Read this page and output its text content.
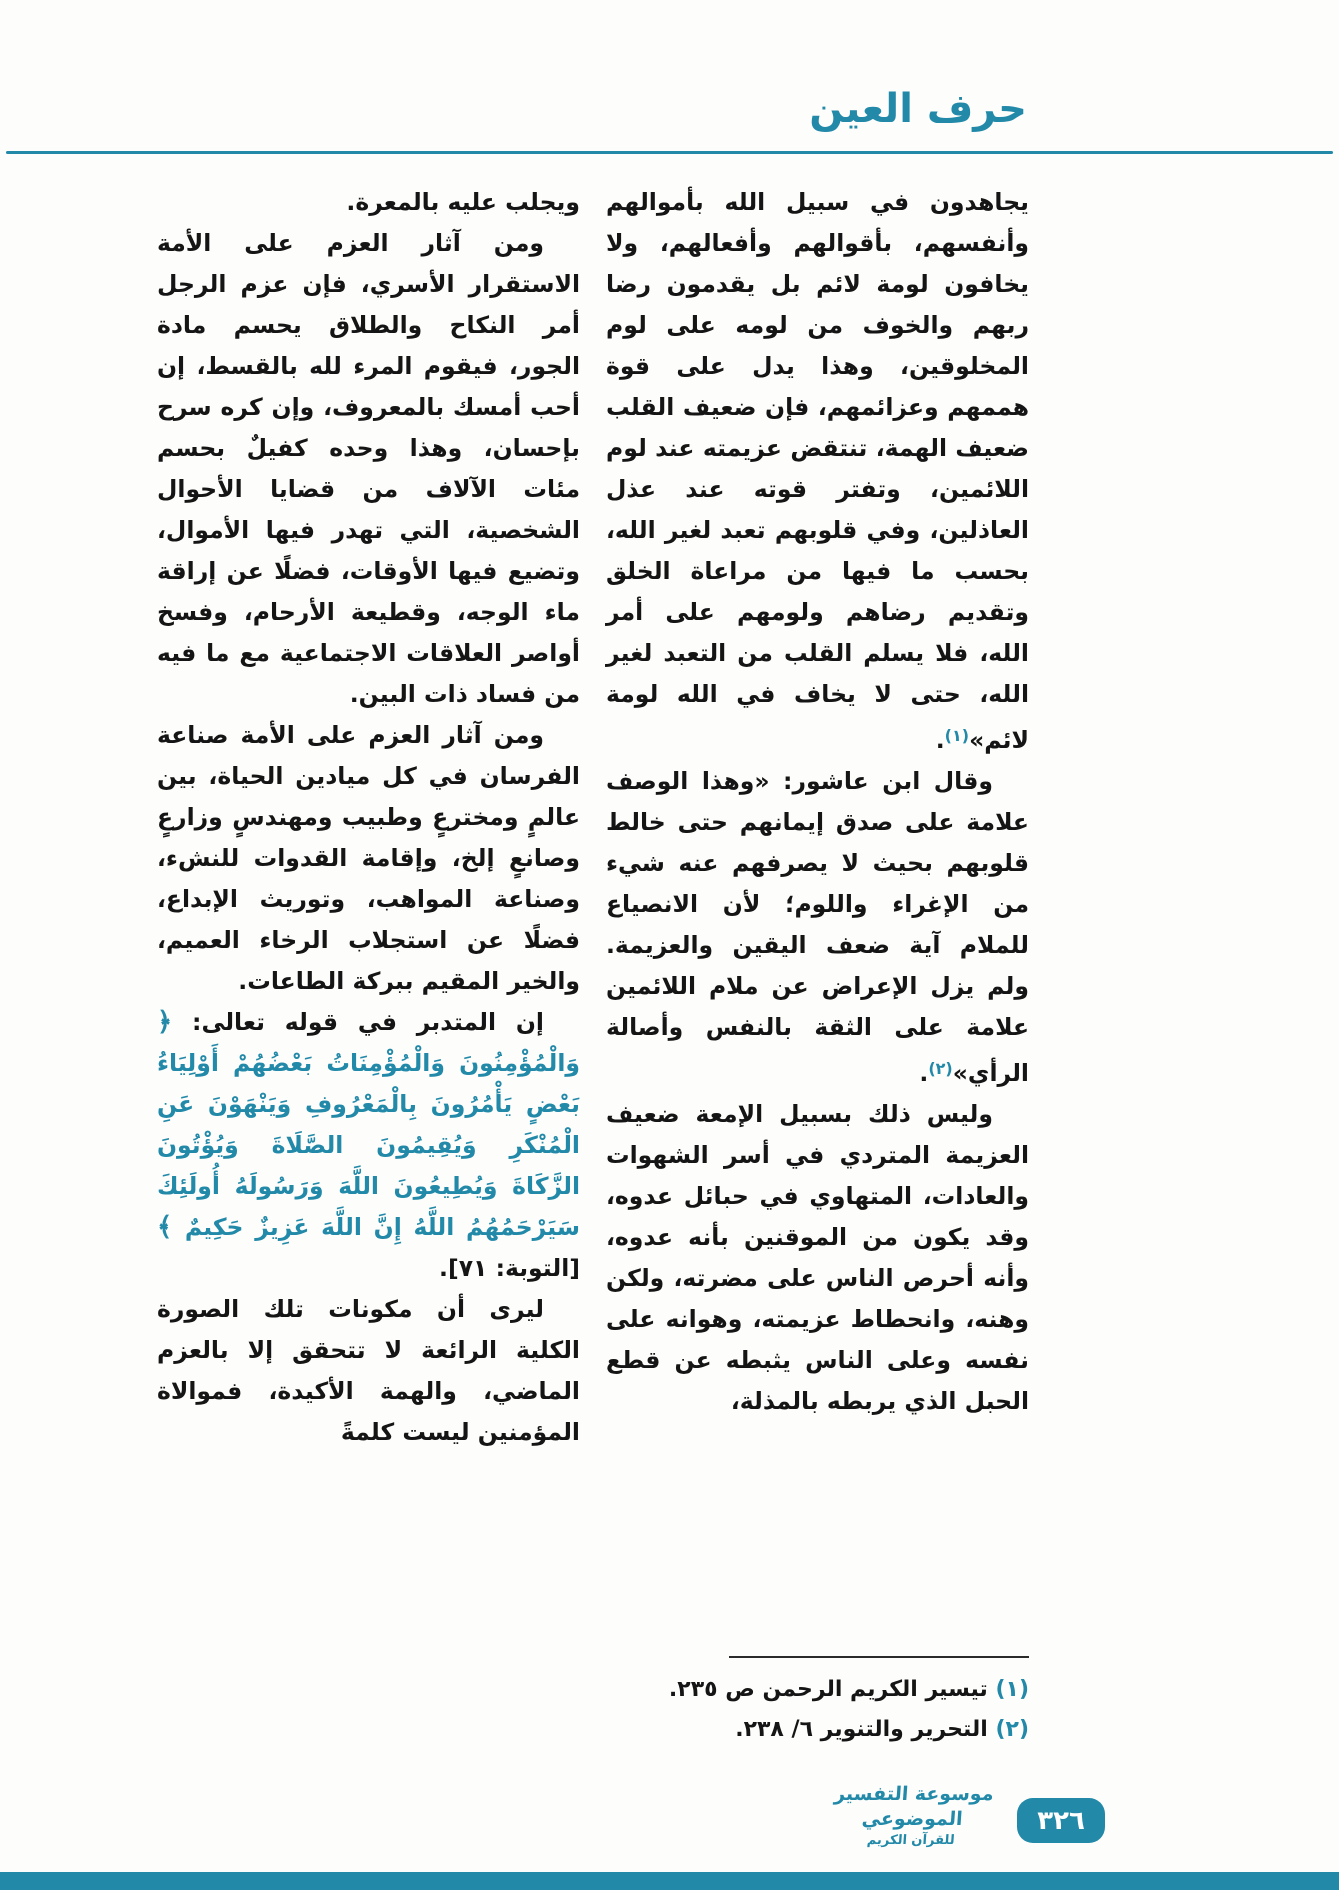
حرف العين

يجاهدون في سبيل الله بأموالهم وأنفسهم، بأقوالهم وأفعالهم، ولا يخافون لومة لائم بل يقدمون رضا ربهم والخوف من لومه على لوم المخلوقين، وهذا يدل على قوة هممهم وعزائمهم، فإن ضعيف القلب ضعيف الهمة، تنتقض عزيمته عند لوم اللائمين، وتفتر قوته عند عذل العاذلين، وفي قلوبهم تعبد لغير الله، بحسب ما فيها من مراعاة الخلق وتقديم رضاهم ولومهم على أمر الله، فلا يسلم القلب من التعبد لغير الله، حتى لا يخاف في الله لومة لائم»$^{(١)}$.

وقال ابن عاشور: «وهذا الوصف علامة على صدق إيمانهم حتى خالط قلوبهم بحيث لا يصرفهم عنه شيء من الإغراء واللوم؛ لأن الانصياع للملام آية ضعف اليقين والعزيمة. ولم يزل الإعراض عن ملام اللائمين علامة على الثقة بالنفس وأصالة الرأي»$^{(٢)}$.

وليس ذلك بسبيل الإمعة ضعيف العزيمة المتردي في أسر الشهوات والعادات، المتهاوي في حبائل عدوه، وقد يكون من الموقنين بأنه عدوه، وأنه أحرص الناس على مضرته، ولكن وهنه، وانحطاط عزيمته، وهوانه على نفسه وعلى الناس يثبطه عن قطع الحبل الذي يربطه بالمذلة،

ويجلب عليه بالمعرة.

ومن آثار العزم على الأمة الاستقرار الأسري، فإن عزم الرجل أمر النكاح والطلاق يحسم مادة الجور، فيقوم المرء لله بالقسط، إن أحب أمسك بالمعروف، وإن كره سرح بإحسان، وهذا وحده كفيلٌ بحسم مئات الآلاف من قضايا الأحوال الشخصية، التي تهدر فيها الأموال، وتضيع فيها الأوقات، فضلًا عن إراقة ماء الوجه، وقطيعة الأرحام، وفسخ أواصر العلاقات الاجتماعية مع ما فيه من فساد ذات البين.

ومن آثار العزم على الأمة صناعة الفرسان في كل ميادين الحياة، بين عالمٍ ومخترعٍ وطبيب ومهندسٍ وزارعٍ وصانعٍ إلخ، وإقامة القدوات للنشء، وصناعة المواهب، وتوريث الإبداع، فضلًا عن استجلاب الرخاء العميم، والخير المقيم ببركة الطاعات.

إن المتدبر في قوله تعالى: ﴿ وَالْمُؤْمِنُونَ وَالْمُؤْمِنَاتُ بَعْضُهُمْ أَوْلِيَاءُ بَعْضٍ يَأْمُرُونَ بِالْمَعْرُوفِ وَيَنْهَوْنَ عَنِ الْمُنْكَرِ وَيُقِيمُونَ الصَّلَاةَ وَيُؤْتُونَ الزَّكَاةَ وَيُطِيعُونَ اللَّهَ وَرَسُولَهُ أُولَئِكَ سَيَرْحَمُهُمُ اللَّهُ إِنَّ اللَّهَ عَزِيزٌ حَكِيمٌ ﴾ [التوبة: ٧١].

ليرى أن مكونات تلك الصورة الكلية الرائعة لا تتحقق إلا بالعزم الماضي، والهمة الأكيدة، فموالاة المؤمنين ليست كلمةً

(١) تيسير الكريم الرحمن ص ٢٣٥.
(٢) التحرير والتنوير ٦/ ٢٣٨.
موسوعة التفسير الموضوعي
للقرآن الكريم
٣٢٦
